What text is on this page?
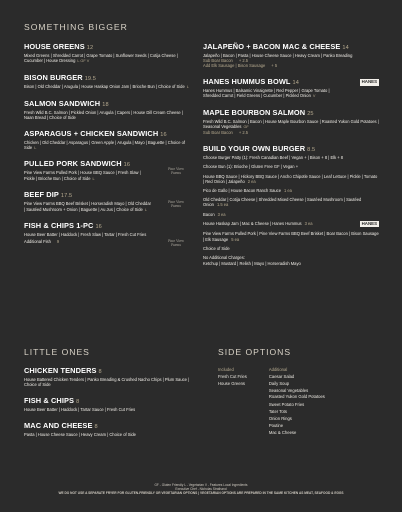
SOMETHING BIGGER
LITTLE ONES	SIDE OPTIONS
HOUSE GREENS 12
Mixed Greens | Shredded Carrot | Grape Tomato | Sunflower Seeds | Cotija Cheese | Cucumber | House Dressing L GF V
BISON BURGER 19.5
Bison | Old Cheddar | Arugula | House Haskap Onion Jam | Brioche Bun | Choice of Side L
SALMON SANDWICH 18
Fresh Wild B.C. Salmon | Pickled Onion | Arugula | Capers | House Dill Cream Cheese | Naan Bread | Choice of Side
ASPARAGUS + CHICKEN SANDWICH 16
Chicken | Old Cheddar | Asparagus | Green Apple | Arugula | Mayo | Baguette | Choice of Side L
PULLED PORK SANDWICH 16
Pine View Farms Pulled Pork | House BBQ Sauce | Fresh Slaw | Pickle | Brioche Bun | Choice of Side L
Pine View Farms
BEEF DIP 17.5
Pine View Farms BBQ Beef Brisket | Horseradish Mayo | Old Cheddar | Sautéed Mushroom + Onion | Baguette | Au Jus | Choice of Side L
Pine View Farms
FISH & CHIPS 1-PC 16
House Beer Batter | Haddock | Fresh Slaw | Tartar | Fresh Cut Fries
Additional Fish 9	Pine View Farms
JALAPEÑO + BACON MAC & CHEESE 14
Jalapeño | Bacon | Pasta | House Cheese Sauce | Heavy Cream | Panko Breading
Sub Boar Bacon + 2.5
Add Elk Sausage | Bison Sausage + 5
HANES HUMMUS BOWL 14
Hanes Hummus | Balsamic Vinaigrette | Red Pepper | Grape Tomato | Shredded Carrot | Field Greens | Cucumber | Pickled Onion V
HANES
MAPLE BOURBON SALMON 25
Fresh Wild B.C. Salmon | Bacon | House Maple Bourbon Sauce | Roasted Yukon Gold Potatoes | Seasonal Vegetables GF
Sub Boar Bacon + 2.5
BUILD YOUR OWN BURGER 8.5
Choose Burger Patty (1): Fresh Canadian Beef | Vegan + | Bison + 8 | Elk + 8
Choose Bun (1): Brioche | Gluten Free GF | Vegan +
House BBQ Sauce | Hickory BBQ Sauce | Ancho Chipotle Sauce | Leaf Lettuce | Pickle | Tomato | Red Onion | Jalapeño 2 ea
Pico de Gallo | House Bacon Ranch Sauce 1 ea
Old Cheddar | Cotija Cheese | Shredded Mixed Cheese | Sautéed Mushroom | Sautéed Onion 1.5 ea
Bacon 3 ea
House Haskap Jam | Mac & Cheese | Hanes Hummus 3 ea	HANES
Pine View Farms Pulled Pork | Pine View Farms BBQ Beef Brisket | Boar Bacon | Bison Sausage | Elk Sausage 5 ea
Choice of Side
No Additional Charges:
Ketchup | Mustard | Relish | Mayo | Horseradish Mayo
CHICKEN TENDERS 8
House Battered Chicken Tenders | Panko Breading & Crushed Nacho Chips | Plum Sauce | Choice of Side
FISH & CHIPS 8
House Beer Batter | Haddock | Tartar Sauce | Fresh Cut Fries
MAC AND CHEESE 8
Pasta | House Cheese Sauce | Heavy Cream | Choice of Side
Included
Fresh Cut Fries
House Greens
Additional
Caesar Salad
Daily Soup
Seasonal Vegetables
Roasted Yukon Gold Potatoes
Sweet Potato Fries
Tater Tots
Onion Rings
Poutine
Mac & Cheese
GF - Gluten Friendly L - Vegetarian V - Features Local Ingredients
Executive Chef - Nicholas Strathand
WE DO NOT USE A SEPARATE FRYER FOR GLUTEN-FRIENDLY OR VEGETARIAN OPTIONS | VEGETARIAN OPTIONS ARE PREPARED IN THE SAME KITCHEN AS MEAT, SEAFOOD & EGGS
